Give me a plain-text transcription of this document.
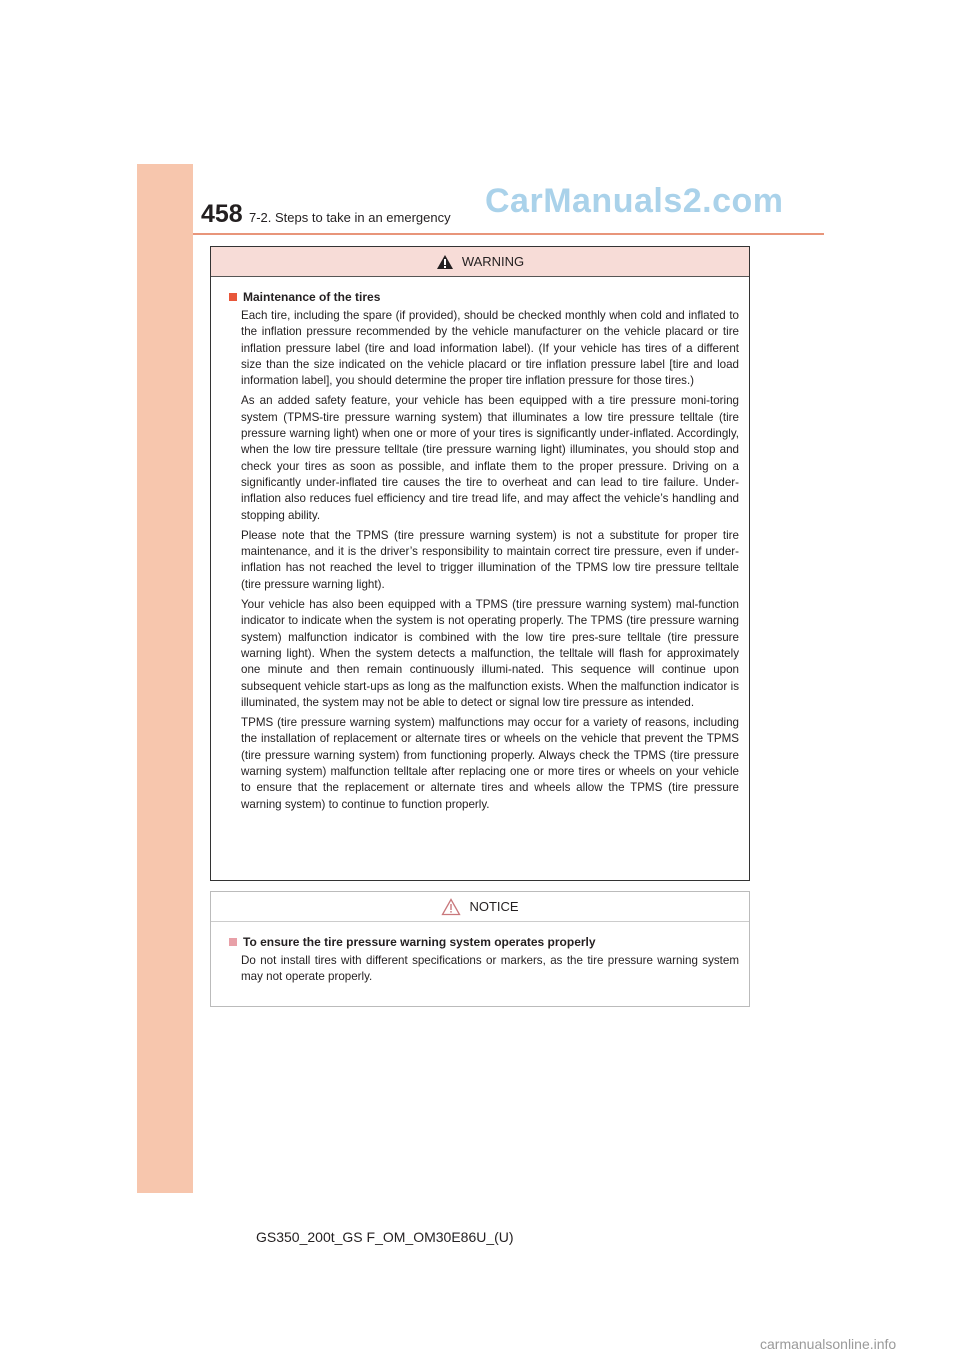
458 7-2. Steps to take in an emergency CarManuals2.com
WARNING
Maintenance of the tires

Each tire, including the spare (if provided), should be checked monthly when cold and inflated to the inflation pressure recommended by the vehicle manufacturer on the vehicle placard or tire inflation pressure label (tire and load information label). (If your vehicle has tires of a different size than the size indicated on the vehicle placard or tire inflation pressure label [tire and load information label], you should determine the proper tire inflation pressure for those tires.)

As an added safety feature, your vehicle has been equipped with a tire pressure moni-toring system (TPMS-tire pressure warning system) that illuminates a low tire pressure telltale (tire pressure warning light) when one or more of your tires is significantly under-inflated. Accordingly, when the low tire pressure telltale (tire pressure warning light) illuminates, you should stop and check your tires as soon as possible, and inflate them to the proper pressure. Driving on a significantly under-inflated tire causes the tire to overheat and can lead to tire failure. Under-inflation also reduces fuel efficiency and tire tread life, and may affect the vehicle’s handling and stopping ability.

Please note that the TPMS (tire pressure warning system) is not a substitute for proper tire maintenance, and it is the driver’s responsibility to maintain correct tire pressure, even if under-inflation has not reached the level to trigger illumination of the TPMS low tire pressure telltale (tire pressure warning light).

Your vehicle has also been equipped with a TPMS (tire pressure warning system) mal-function indicator to indicate when the system is not operating properly. The TPMS (tire pressure warning system) malfunction indicator is combined with the low tire pres-sure telltale (tire pressure warning light). When the system detects a malfunction, the telltale will flash for approximately one minute and then remain continuously illumi-nated. This sequence will continue upon subsequent vehicle start-ups as long as the malfunction exists. When the malfunction indicator is illuminated, the system may not be able to detect or signal low tire pressure as intended.

TPMS (tire pressure warning system) malfunctions may occur for a variety of reasons, including the installation of replacement or alternate tires or wheels on the vehicle that prevent the TPMS (tire pressure warning system) from functioning properly. Always check the TPMS (tire pressure warning system) malfunction telltale after replacing one or more tires or wheels on your vehicle to ensure that the replacement or alternate tires and wheels allow the TPMS (tire pressure warning system) to continue to function properly.

NOTICE
To ensure the tire pressure warning system operates properly

Do not install tires with different specifications or markers, as the tire pressure warning system may not operate properly.

GS350_200t_GS F_OM_OM30E86U_(U)
carmanualsonline.info
